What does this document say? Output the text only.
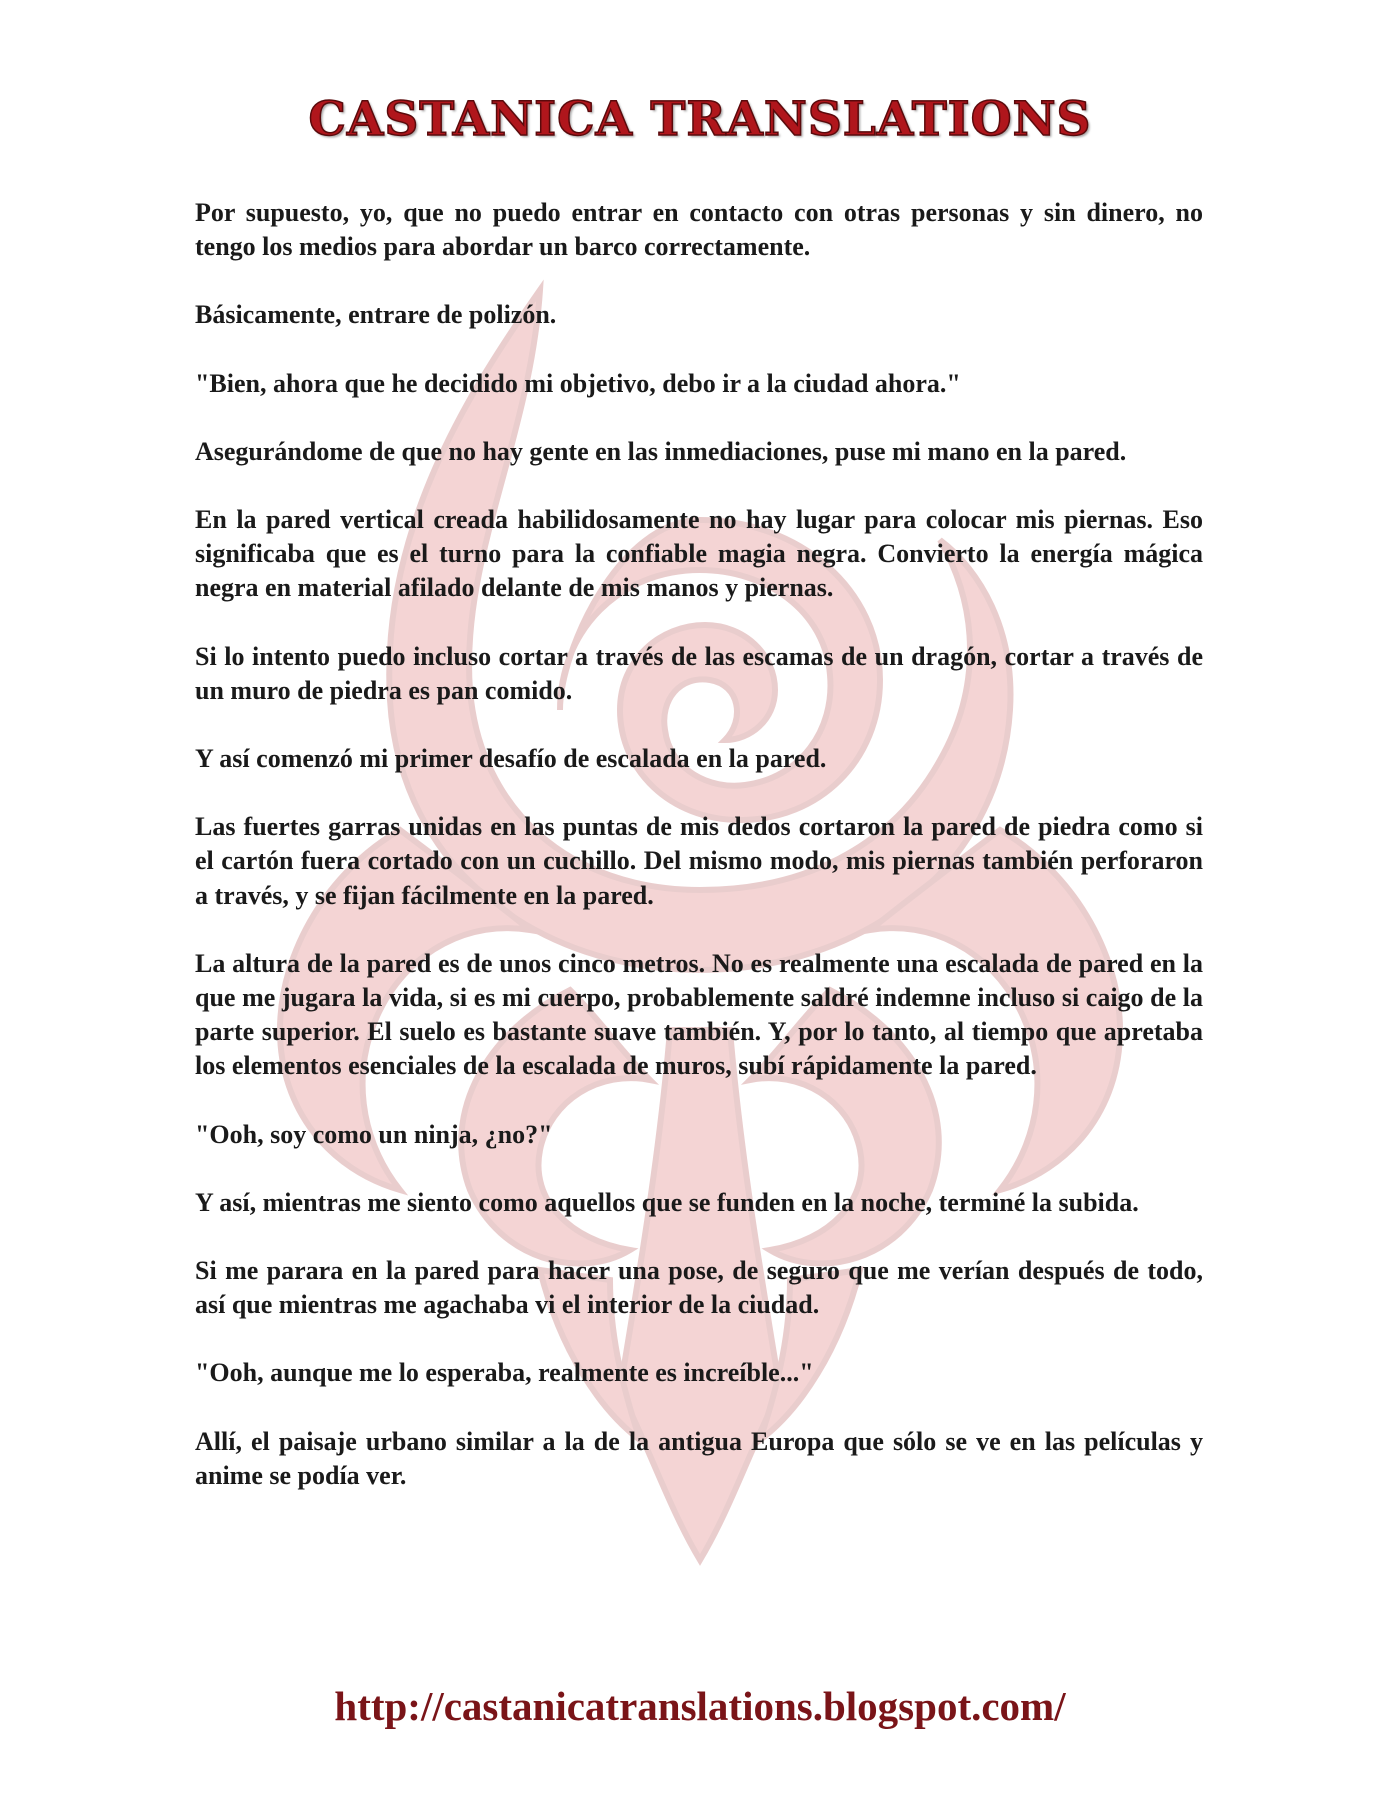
CASTANICA TRANSLATIONS

Por supuesto, yo, que no puedo entrar en contacto con otras personas y sin dinero, no tengo los medios para abordar un barco correctamente.

Básicamente, entrare de polizón.

"Bien, ahora que he decidido mi objetivo, debo ir a la ciudad ahora."

Asegurándome de que no hay gente en las inmediaciones, puse mi mano en la pared.

En la pared vertical creada habilidosamente no hay lugar para colocar mis piernas. Eso significaba que es el turno para la confiable magia negra. Convierto la energía mágica negra en material afilado delante de mis manos y piernas.

Si lo intento puedo incluso cortar a través de las escamas de un dragón, cortar a través de un muro de piedra es pan comido.

Y así comenzó mi primer desafío de escalada en la pared.

Las fuertes garras unidas en las puntas de mis dedos cortaron la pared de piedra como si el cartón fuera cortado con un cuchillo. Del mismo modo, mis piernas también perforaron a través, y se fijan fácilmente en la pared.

La altura de la pared es de unos cinco metros. No es realmente una escalada de pared en la que me jugara la vida, si es mi cuerpo, probablemente saldré indemne incluso si caigo de la parte superior. El suelo es bastante suave también. Y, por lo tanto, al tiempo que apretaba los elementos esenciales de la escalada de muros, subí rápidamente la pared.

"Ooh, soy como un ninja, ¿no?"

Y así, mientras me siento como aquellos que se funden en la noche, terminé la subida.

Si me parara en la pared para hacer una pose, de seguro que me verían después de todo, así que mientras me agachaba vi el interior de la ciudad.

"Ooh, aunque me lo esperaba, realmente es increíble..."

Allí, el paisaje urbano similar a la de la antigua Europa que sólo se ve en las películas y anime se podía ver.

http://castanicatranslations.blogspot.com/
